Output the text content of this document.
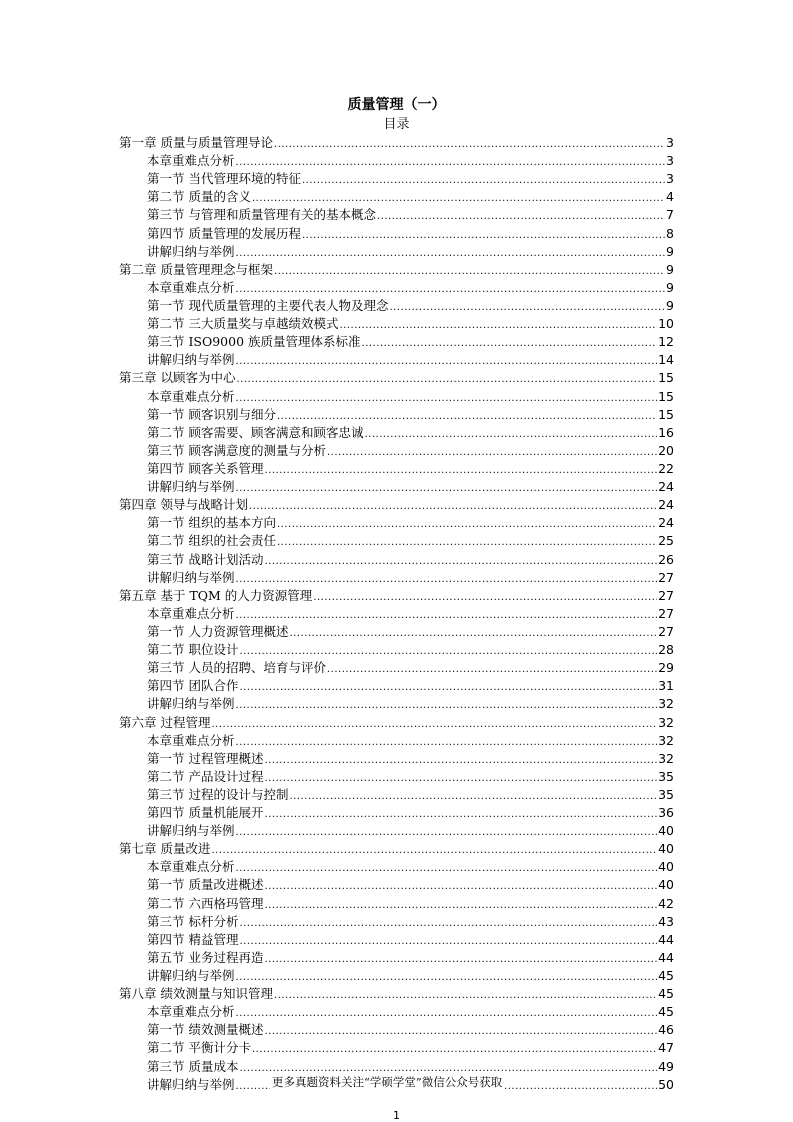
质量管理（一）
目录
第一章 质量与质量管理导论 .....	3
本章重难点分析 .....	3
第一节 当代管理环境的特征 .....	3
第二节 质量的含义 .....	4
第三节 与管理和质量管理有关的基本概念 .....	7
第四节 质量管理的发展历程 .....	8
讲解归纳与举例 .....	9
第二章 质量管理理念与框架 .....	9
本章重难点分析 .....	9
第一节 现代质量管理的主要代表人物及理念 .....	9
第二节 三大质量奖与卓越绩效模式 .....	10
第三节 ISO9000 族质量管理体系标准 .....	12
讲解归纳与举例 .....	14
第三章 以顾客为中心 .....	15
本章重难点分析 .....	15
第一节 顾客识别与细分 .....	15
第二节 顾客需要、顾客满意和顾客忠诚 .....	16
第三节 顾客满意度的测量与分析 .....	20
第四节 顾客关系管理 .....	22
讲解归纳与举例 .....	24
第四章 领导与战略计划 .....	24
第一节 组织的基本方向 .....	24
第二节 组织的社会责任 .....	25
第三节 战略计划活动 .....	26
讲解归纳与举例 .....	27
第五章 基于 TQM 的人力资源管理 .....	27
本章重难点分析 .....	27
第一节 人力资源管理概述 .....	27
第二节 职位设计 .....	28
第三节 人员的招聘、培育与评价 .....	29
第四节 团队合作 .....	31
讲解归纳与举例 .....	32
第六章 过程管理 .....	32
本章重难点分析 .....	32
第一节 过程管理概述 .....	32
第二节 产品设计过程 .....	35
第三节 过程的设计与控制 .....	35
第四节 质量机能展开 .....	36
讲解归纳与举例 .....	40
第七章 质量改进 .....	40
本章重难点分析 .....	40
第一节 质量改进概述 .....	40
第二节 六西格玛管理 .....	42
第三节 标杆分析 .....	43
第四节 精益管理 .....	44
第五节 业务过程再造 .....	44
讲解归纳与举例 .....	45
第八章 绩效测量与知识管理 .....	45
本章重难点分析 .....	45
第一节 绩效测量概述 .....	46
第二节 平衡计分卡 .....	47
第三节 质量成本 .....	49
讲解归纳与举例 .....	50
更多真题资料关注“学硕学堂”微信公众号获取
1
